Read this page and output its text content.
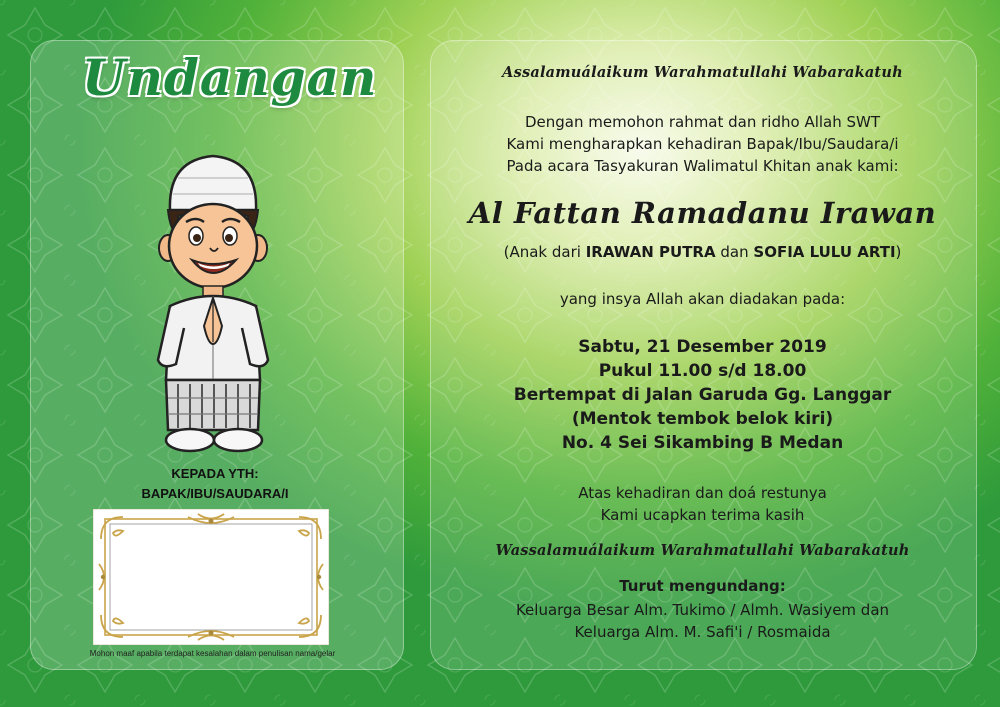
Undangan
KEPADA YTH:
BAPAK/IBU/SAUDARA/I
Mohon maaf apabila terdapat kesalahan dalam penulisan nama/gelar
Assalamuálaikum Warahmatullahi Wabarakatuh
Dengan memohon rahmat dan ridho Allah SWT
Kami mengharapkan kehadiran Bapak/Ibu/Saudara/i
Pada acara Tasyakuran Walimatul Khitan anak kami:
Al Fattan Ramadanu Irawan
(Anak dari IRAWAN PUTRA dan SOFIA LULU ARTI)
yang insya Allah akan diadakan pada:
Sabtu, 21 Desember 2019
Pukul 11.00 s/d 18.00
Bertempat di Jalan Garuda Gg. Langgar
(Mentok tembok belok kiri)
No. 4 Sei Sikambing B Medan
Atas kehadiran dan doá restunya
Kami ucapkan terima kasih
Wassalamuálaikum Warahmatullahi Wabarakatuh
Turut mengundang:
Keluarga Besar Alm. Tukimo / Almh. Wasiyem dan
Keluarga Alm. M. Safi'i / Rosmaida
